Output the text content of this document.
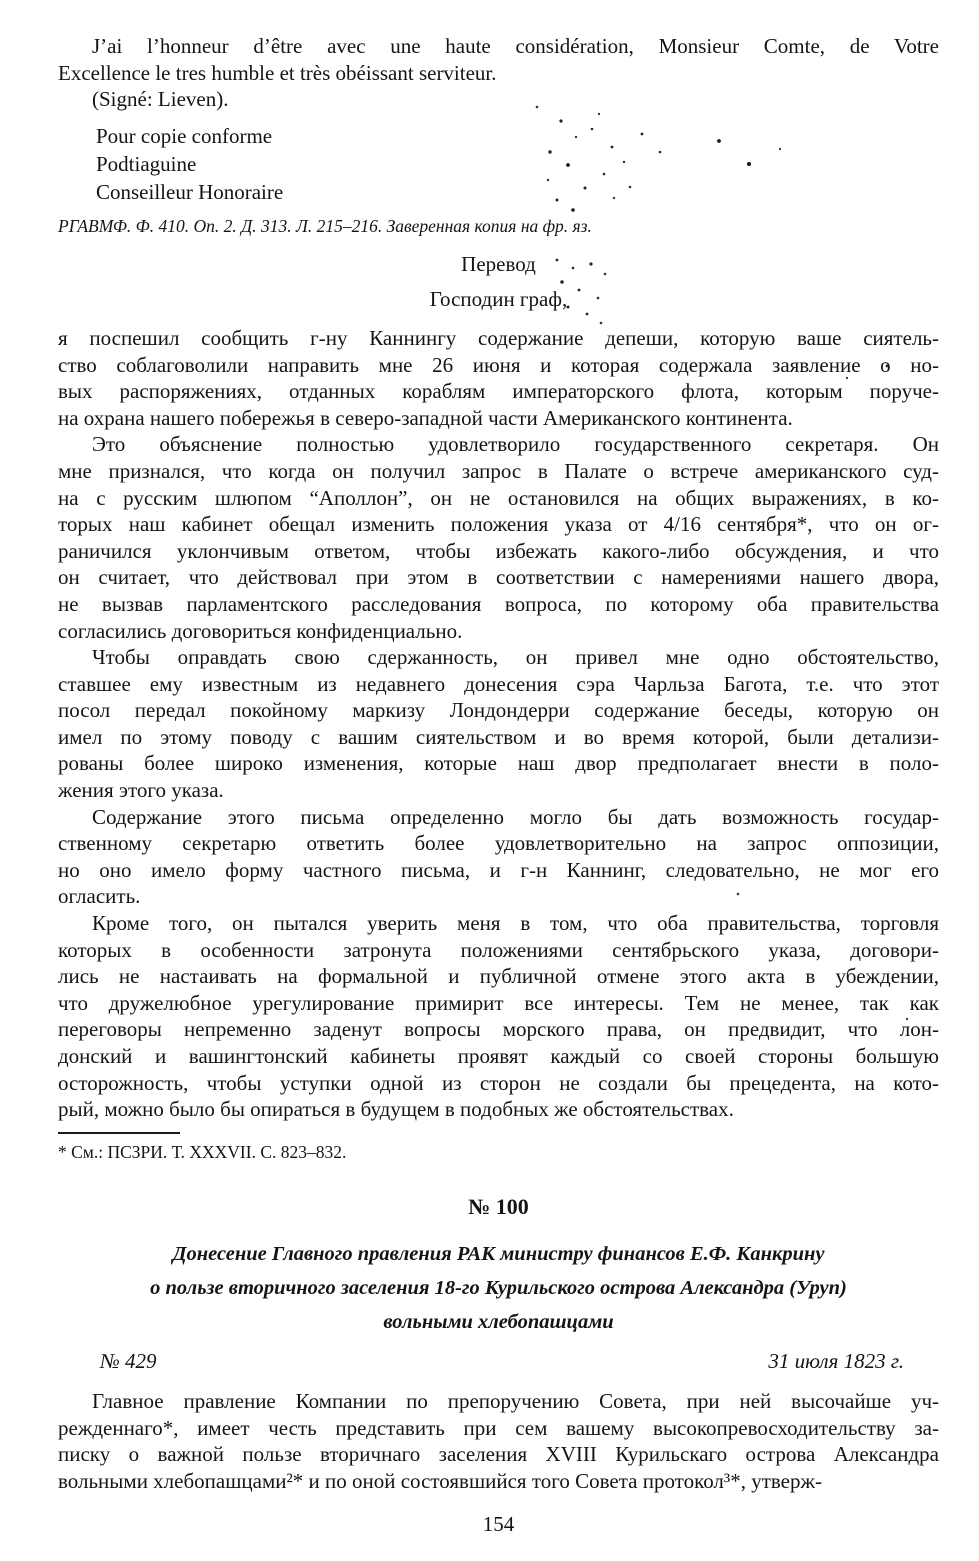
J’ai l’honneur d’être avec une haute considération, Monsieur Comte, de Votre
Excellence le tres humble et très obéissant serviteur.
(Signé: Lieven).
Pour copie conforme
Podtiaguine
Conseilleur Honoraire
РГАВМФ. Ф. 410. Оп. 2. Д. 313. Л. 215–216. Заверенная копия на фр. яз.
Перевод
Господин граф,
я поспешил сообщить г-ну Каннингу содержание депеши, которую ваше сиятель-
ство соблаговолили направить мне 26 июня и которая содержала заявление о но-
вых распоряжениях, отданных кораблям императорского флота, которым поруче-
на охрана нашего побережья в северо-западной части Американского континента.
Это объяснение полностью удовлетворило государственного секретаря. Он
мне признался, что когда он получил запрос в Палате о встрече американского суд-
на с русским шлюпом “Аполлон”, он не остановился на общих выражениях, в ко-
торых наш кабинет обещал изменить положения указа от 4/16 сентября*, что он ог-
раничился уклончивым ответом, чтобы избежать какого-либо обсуждения, и что
он считает, что действовал при этом в соответствии с намерениями нашего двора,
не вызвав парламентского расследования вопроса, по которому оба правительства
согласились договориться конфиденциально.
Чтобы оправдать свою сдержанность, он привел мне одно обстоятельство,
ставшее ему известным из недавнего донесения сэра Чарльза Багота, т.е. что этот
посол передал покойному маркизу Лондондерри содержание беседы, которую он
имел по этому поводу с вашим сиятельством и во время которой, были детализи-
рованы более широко изменения, которые наш двор предполагает внести в поло-
жения этого указа.
Содержание этого письма определенно могло бы дать возможность государ-
ственному секретарю ответить более удовлетворительно на запрос оппозиции,
но оно имело форму частного письма, и г-н Каннинг, следовательно, не мог его
огласить.
Кроме того, он пытался уверить меня в том, что оба правительства, торговля
которых в особенности затронута положениями сентябрьского указа, договори-
лись не настаивать на формальной и публичной отмене этого акта в убеждении,
что дружелюбное урегулирование примирит все интересы. Тем не менее, так как
переговоры непременно заденут вопросы морского права, он предвидит, что лон-
донский и вашингтонский кабинеты проявят каждый со своей стороны большую
осторожность, чтобы уступки одной из сторон не создали бы прецедента, на кото-
рый, можно было бы опираться в будущем в подобных же обстоятельствах.
* См.: ПСЗРИ. Т. XXXVII. С. 823–832.
№ 100
Донесение Главного правления РАК министру финансов Е.Ф. Канкрину
о пользе вторичного заселения 18-го Курильского острова Александра (Уруп)
вольными хлебопашцами
№ 429	31 июля 1823 г.
Главное правление Компании по препоручению Совета, при ней высочайше уч-
режденнаго*, имеет честь представить при сем вашему высокопревосходительству за-
писку о важной пользе вторичнаго заселения XVIII Курильскаго острова Александра
вольными хлебопашцами²* и по оной состоявшийся того Совета протокол³*, утверж-
154
